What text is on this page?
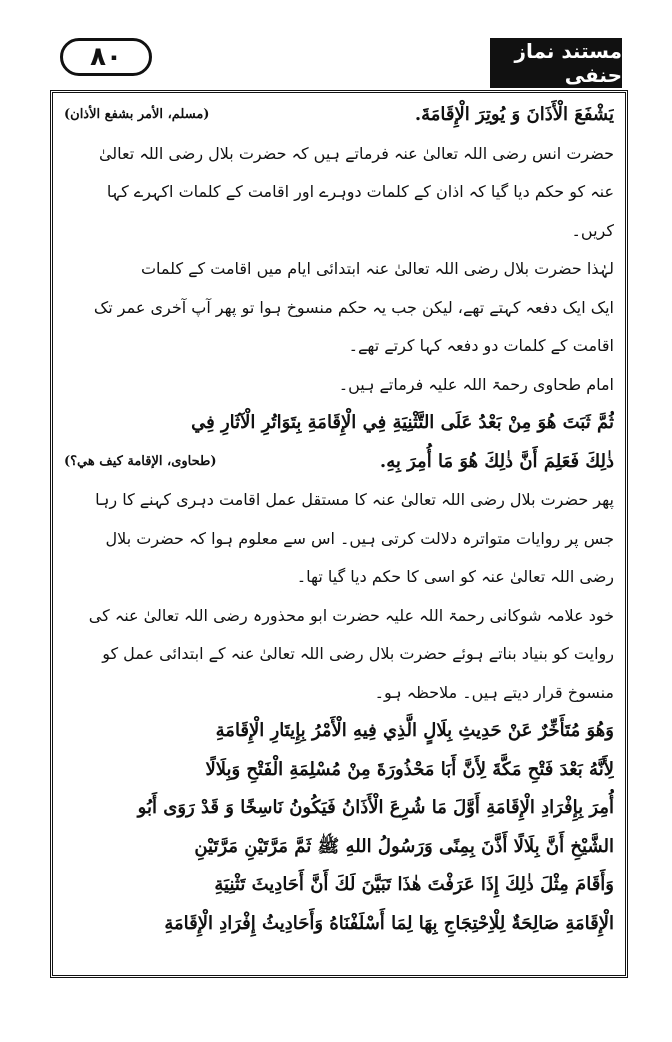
۸۰	مستند نماز حنفی
يَشْفَعَ الْأَذَانَ وَ يُوتِرَ الْإِقَامَةَ.
(مسلم، الأمر بشفع الأذان)
حضرت انس رضی اللہ تعالیٰ عنہ فرماتے ہیں کہ حضرت بلال رضی اللہ تعالیٰ
عنہ کو حکم دیا گیا کہ اذان کے کلمات دوہرے اور اقامت کے کلمات اکہرے کہا
کریں۔
لہٰذا حضرت بلال رضی اللہ تعالیٰ عنہ ابتدائی ایام میں اقامت کے کلمات
ایک ایک دفعہ کہتے تھے، لیکن جب یہ حکم منسوخ ہوا تو پھر آپ آخری عمر تک
اقامت کے کلمات دو دفعہ کہا کرتے تھے۔
امام طحاوی رحمۃ اللہ علیہ فرماتے ہیں۔
ثُمَّ ثَبَتَ هُوَ مِنْ بَعْدُ عَلَى التَّثْنِيَةِ فِي الْإِقَامَةِ بِتَوَاتُرِ الْآثَارِ فِي
ذٰلِكَ فَعَلِمَ أَنَّ ذٰلِكَ هُوَ مَا أُمِرَ بِهِ.
(طحاوی، الإقامة كيف هي؟)
پھر حضرت بلال رضی اللہ تعالیٰ عنہ کا مستقل عمل اقامت دہری کہنے کا رہا
جس پر روایات متواترہ دلالت کرتی ہیں۔ اس سے معلوم ہوا کہ حضرت بلال
رضی اللہ تعالیٰ عنہ کو اسی کا حکم دیا گیا تھا۔
خود علامہ شوکانی رحمۃ اللہ علیہ حضرت ابو محذورہ رضی اللہ تعالیٰ عنہ کی
روایت کو بنیاد بناتے ہوئے حضرت بلال رضی اللہ تعالیٰ عنہ کے ابتدائی عمل کو
منسوخ قرار دیتے ہیں۔ ملاحظہ ہو۔
وَهُوَ مُتَأَخِّرٌ عَنْ حَدِيثِ بِلَالٍ الَّذِي فِيهِ الْأَمْرُ بِإِيتَارِ الْإِقَامَةِ
لِأَنَّهُ بَعْدَ فَتْحِ مَكَّةَ لِأَنَّ أَبَا مَحْذُورَةَ مِنْ مُسْلِمَةِ الْفَتْحِ وَبِلَالًا
أُمِرَ بِإِفْرَادِ الْإِقَامَةِ أَوَّلَ مَا شُرِعَ الْأَذَانُ فَيَكُونُ نَاسِخًا وَ قَدْ رَوَى أَبُو
الشَّيْخِ أَنَّ بِلَالًا أَذَّنَ بِمِنًى وَرَسُولُ اللهِ ﷺ ثَمَّ مَرَّتَيْنِ مَرَّتَيْنِ
وَأَقَامَ مِثْلَ ذٰلِكَ إِذَا عَرَفْتَ هٰذَا تَبَيَّنَ لَكَ أَنَّ أَحَادِيثَ تَثْنِيَةِ
الْإِقَامَةِ صَالِحَةٌ لِلْاِحْتِجَاجِ بِهَا لِمَا أَسْلَفْنَاهُ وَأَحَادِيثُ إِفْرَادِ الْإِقَامَةِ
